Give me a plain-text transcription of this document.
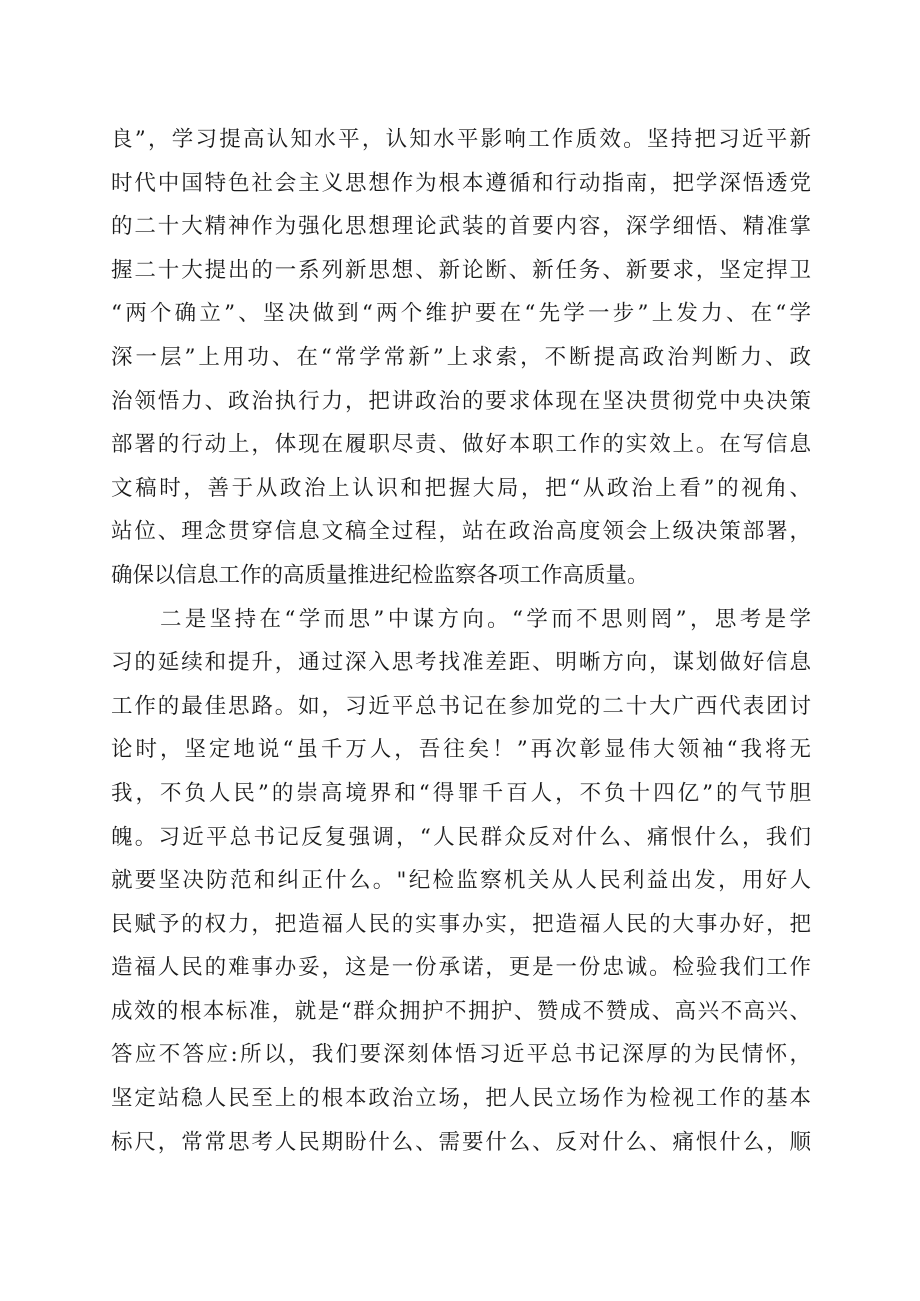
良”，学习提高认知水平，认知水平影响工作质效。坚持把习近平新
时代中国特色社会主义思想作为根本遵循和行动指南，把学深悟透党
的二十大精神作为强化思想理论武装的首要内容，深学细悟、精准掌
握二十大提出的一系列新思想、新论断、新任务、新要求，坚定捍卫
“两个确立”、坚决做到“两个维护要在“先学一步”上发力、在“学
深一层”上用功、在“常学常新”上求索，不断提高政治判断力、政
治领悟力、政治执行力，把讲政治的要求体现在坚决贯彻党中央决策
部署的行动上，体现在履职尽责、做好本职工作的实效上。在写信息
文稿时，善于从政治上认识和把握大局，把“从政治上看”的视角、
站位、理念贯穿信息文稿全过程，站在政治高度领会上级决策部署，
确保以信息工作的高质量推进纪检监察各项工作高质量。
二是坚持在“学而思”中谋方向。“学而不思则罔”，思考是学
习的延续和提升，通过深入思考找准差距、明晰方向，谋划做好信息
工作的最佳思路。如，习近平总书记在参加党的二十大广西代表团讨
论时，坚定地说“虽千万人，吾往矣！”再次彰显伟大领袖“我将无
我，不负人民”的崇高境界和“得罪千百人，不负十四亿”的气节胆
魄。习近平总书记反复强调，“人民群众反对什么、痛恨什么，我们
就要坚决防范和纠正什么。"纪检监察机关从人民利益出发，用好人
民赋予的权力，把造福人民的实事办实，把造福人民的大事办好，把
造福人民的难事办妥，这是一份承诺，更是一份忠诚。检验我们工作
成效的根本标准，就是“群众拥护不拥护、赞成不赞成、高兴不高兴、
答应不答应:所以，我们要深刻体悟习近平总书记深厚的为民情怀，
坚定站稳人民至上的根本政治立场，把人民立场作为检视工作的基本
标尺，常常思考人民期盼什么、需要什么、反对什么、痛恨什么，顺
